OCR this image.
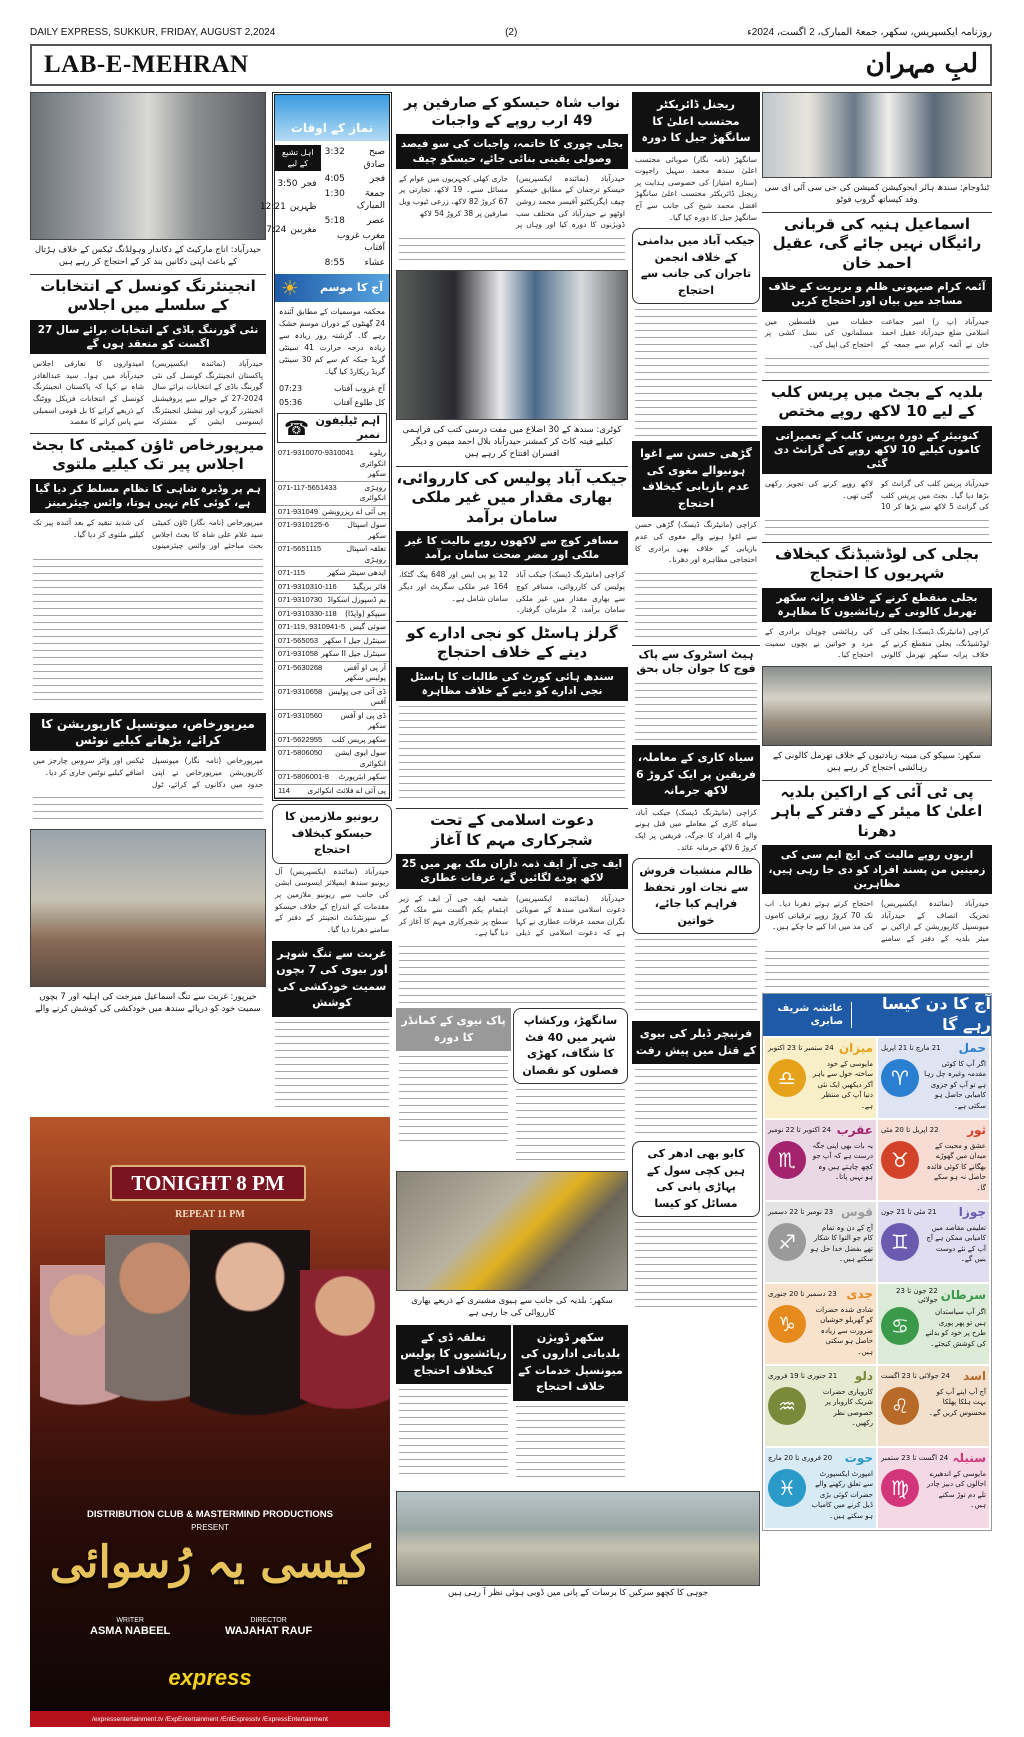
DAILY EXPRESS, SUKKUR, FRIDAY, AUGUST 2,2024	(2)	روزنامہ ایکسپریس، سکھر، جمعۃ المبارک، 2 اگست، 2024ء
LAB-E-MEHRAN	لبِ مہران
حیدرآباد: اناج مارکیٹ کے دکاندار وہولڈنگ ٹیکس کے خلاف ہڑتال کے باعث اپنی دکانیں بند کر کے احتجاج کر رہے ہیں
انجینئرنگ کونسل کے انتخابات کے سلسلے میں اجلاس
نئی گورننگ باڈی کے انتخابات برائے سال 27 اگست کو منعقد ہوں گے
حیدرآباد (نمائندہ ایکسپریس) پاکستان انجینئرنگ کونسل کی نئی گورننگ باڈی کے انتخابات برائے سال 2024-27 کے حوالے سے پروفیشنل انجینئرز گروپ اور نیشنل انجینئرنگ ایسوسی ایشن کے مشترکہ امیدواروں کا تعارفی اجلاس حیدرآباد میں ہوا۔ سید عبدالقادر شاہ نے کہا کہ پاکستان انجینئرنگ کونسل کے انتخابات فزیکل ووٹنگ کے ذریعے کرانے کا بل قومی اسمبلی سے پاس کرانے کا مقصد
میرپورخاص ٹاؤن کمیٹی کا بجٹ اجلاس پیر تک کیلیے ملتوی
ہم پر وڈیرہ شاہی کا نظام مسلط کر دیا گیا ہے، کوئی کام نہیں ہوتا، وائس چیئرمینز
میرپورخاص (نامہ نگار) ٹاؤن کمیٹی سید غلام علی شاہ کا بجٹ اجلاس بحث مباحثے اور وائس چیئرمینوں کی شدید تنقید کے بعد آئندہ پیر تک کیلیے ملتوی کر دیا گیا۔
میرپورخاص، میونسپل کارپوریشن کا کرائے، بڑھانے کیلیے نوٹس
میرپورخاص (نامہ نگار) میونسپل کارپوریشن میرپورخاص نے اپنی حدود میں دکانوں کے کرائے، ٹول ٹیکس اور واٹر سروس چارجز میں اضافے کیلیے نوٹس جاری کر دیا۔
خیرپور: غربت سے تنگ اسماعیل میرجت کی اہلیہ اور 7 بچوں سمیت خود کو دریائے سندھ میں خودکشی کی کوشش کرنے والے
نماز کے اوقات
صبح صادق
3:32
فجر
4:05
جمعۃ المبارک
1:30
عصر
5:18
مغرب غروب آفتاب
عشاء
8:55
اہل تشیع کے لیے
فجر
3:50
ظہرین
12:21
مغربین
7:24
آج کا موسم
☀
محکمہ موسمیات کے مطابق آئندہ 24 گھنٹوں کے دوران موسم خشک رہے گا۔ گزشتہ روز زیادہ سے زیادہ درجہ حرارت 41 سینٹی گریڈ جبکہ کم سے کم 30 سینٹی گریڈ ریکارڈ کیا گیا۔
آج غروب آفتاب
07:23
کل طلوع آفتاب
05:36
اہم ٹیلیفون نمبر
☎
ریلوے انکوائری سکھر
071-9310070-9310041
روہڑی انکوائری
071-117-5651433
پی آئی اے ریزرویشن
071-931049
سول اسپتال سکھر
071-9310125-6
تعلقہ اسپتال روہڑی
071-5651115
ایدھی سینٹر سکھر
071-115
فائر بریگیڈ
071-9310310-116
بم ڈسپوزل اسکواڈ
071-9310730
سیپکو (واپڈا)
071-9310330-118
سوئی گیس
071-119, 9310941-5
سینٹرل جیل I سکھر
071-565053
سینٹرل جیل II سکھر
071-931058
آر پی او آفس پولیس سکھر
071-5630268
ڈی آئی جی پولیس آفس
071-9310658
ڈی پی او آفس سکھر
071-9310560
سکھر پریس کلب
071-5622955
سول ایوی ایشن انکوائری
071-5806050
سکھر ایئرپورٹ
071-5806001-8
پی آئی اے فلائٹ انکوائری
114
ریونیو ملازمین کا حیسکو کیخلاف احتجاج
حیدرآباد (نمائندہ ایکسپریس) آل ریونیو سندھ ایمپلائز ایسوسی ایشن کی جانب سے ریونیو ملازمین پر مقدمات کے اندراج کے خلاف حیسکو کے سپرنٹنڈنٹ انجینئر کے دفتر کے سامنے دھرنا دیا گیا۔
غربت سے تنگ شوہر اور بیوی کی 7 بچوں سمیت خودکشی کی کوشش
TONIGHT 8 PM
REPEAT 11 PM
DISTRIBUTION CLUB & MASTERMIND PRODUCTIONS
PRESENT
کیسی یہ رُسوائی
WRITER
ASMA NABEEL
DIRECTOR
WAJAHAT RAUF
express
/expressentertainment.tv /ExpEntertainment /EntExpresstv /ExpressEntertainment
نواب شاہ حیسکو کے صارفین پر 49 ارب روپے کے واجبات
بجلی چوری کا خاتمہ، واجبات کی سو فیصد وصولی یقینی بنائی جائے، حیسکو چیف
حیدرآباد (نمائندہ ایکسپریس) حیسکو ترجمان کے مطابق حیسکو چیف ایگزیکٹیو آفیسر محمد روشن اوٹھو نے حیدرآباد کی مختلف سب ڈویژنوں کا دورہ کیا اور وہاں پر جاری کھلی کچہریوں میں عوام کے مسائل سنے۔ 19 لاکھ، تجارتی پر 67 کروڑ 82 لاکھ، زرعی ٹیوب ویل صارفین پر 38 کروڑ 54 لاکھ
کوٹری: سندھ کے 30 اضلاع میں مفت درسی کتب کی فراہمی کیلیے فیتہ کاٹ کر کمشنر حیدرآباد بلال احمد میمن و دیگر افسران افتتاح کر رہے ہیں
جیکب آباد پولیس کی کارروائی، بھاری مقدار میں غیر ملکی سامان برآمد
مسافر کوچ سے لاکھوں روپے مالیت کا غیر ملکی اور مضر صحت سامان برآمد
کراچی (مانیٹرنگ ڈیسک) جیکب آباد پولیس کی کارروائی، مسافر کوچ سے بھاری مقدار میں غیر ملکی سامان برآمد، 2 ملزمان گرفتار۔ 12 یو پی ایس اور 648 پیک گٹکا، 164 غیر ملکی سگریٹ اور دیگر سامان شامل ہے۔
گرلز ہاسٹل کو نجی ادارے کو دینے کے خلاف احتجاج
سندھ ہائی کورٹ کی طالبات کا ہاسٹل نجی ادارے کو دینے کے خلاف مظاہرہ
دعوت اسلامی کے تحت شجرکاری مہم کا آغاز
ایف جی آر ایف ذمہ داران ملک بھر میں 25 لاکھ پودے لگائیں گے، عرفات عطاری
حیدرآباد (نمائندہ ایکسپریس) دعوت اسلامی سندھ کے صوبائی نگران محمد عرفات عطاری نے کہا ہے کہ دعوت اسلامی کے ذیلی شعبہ ایف جی آر ایف کے زیر اہتمام یکم اگست سے ملک گیر سطح پر شجرکاری مہم کا آغاز کر دیا گیا ہے۔
سانگھڑ، ورکشاپ شہر میں 40 فٹ کا شگاف، کھڑی فصلوں کو نقصان
پاک نیوی کے کمانڈر کا دورہ
سکھر: بلدیہ کی جانب سے ہیوی مشینری کے ذریعے بھاری کارروائی کی جا رہی ہے
سکھر ڈویژن بلدیاتی اداروں کی میونسپل خدمات کے خلاف احتجاج
تعلقہ ڈی کے رہائشیوں کا پولیس کیخلاف احتجاج
ریجنل ڈائریکٹر محتسب اعلیٰ کا سانگھڑ جیل کا دورہ
سانگھڑ (نامہ نگار) صوبائی محتسب اعلیٰ سندھ محمد سہیل راجپوت (ستارہ امتیاز) کی خصوصی ہدایت پر ریجنل ڈائریکٹر محتسب اعلیٰ سانگھڑ افضل محمد شیخ کی جانب سے آج سانگھڑ جیل کا دورہ کیا گیا۔
جیکب آباد میں بدامنی کے خلاف انجمن تاجران کی جانب سے احتجاج
گڑھی حسن سے اغوا ہونیوالے مغوی کی عدم بازیابی کیخلاف احتجاج
کراچی (مانیٹرنگ ڈیسک) گڑھی حسن سے اغوا ہونے والے مغوی کی عدم بازیابی کے خلاف بھی برادری کا احتجاجی مظاہرہ اور دھرنا۔
ہیٹ اسٹروک سے پاک فوج کا جوان جاں بحق
سیاہ کاری کے معاملہ، فریقین پر ایک کروڑ 6 لاکھ جرمانہ
کراچی (مانیٹرنگ ڈیسک) جیکب آباد، سیاہ کاری کے معاملے میں قتل ہونے والے 4 افراد کا جرگہ، فریقین پر ایک کروڑ 6 لاکھ جرمانہ عائد۔
ظالم منشیات فروش سے نجات اور تحفظ فراہم کیا جائے، خواتین
فرنیچر ڈیلر کی بیوی کے قتل میں پیش رفت
کابو بھی ادھر کی ہیں کچی سول کے پہاڑی پانی کی مسائل کو کیسا
جوہی کا کچھو سرکیں کا برسات کے پانی میں ڈوبی ہوئی نظر آ رہی ہیں
ٹنڈوجام: سندھ ہائر ایجوکیشن کمیشن کی جی سی آئی ای سی وفد کیساتھ گروپ فوٹو
اسماعیل ہنیہ کی قربانی رائیگاں نہیں جائے گی، عقیل احمد خان
آئمہ کرام صیہونی ظلم و بربریت کے خلاف مساجد میں بیان اور احتجاج کریں
حیدرآباد (پ ر) امیر جماعت اسلامی ضلع حیدرآباد عقیل احمد خان نے آئمہ کرام سے جمعہ کے خطبات میں فلسطین میں مسلمانوں کی نسل کشی پر احتجاج کی اپیل کی۔
بلدیہ کے بجٹ میں پریس کلب کے لیے 10 لاکھ روپے مختص
کنونیئر کے دورہ پریس کلب کے تعمیراتی کاموں کیلیے 10 لاکھ روپے کی گرانٹ دی گئی
حیدرآباد پریس کلب کی گرانٹ کو بڑھا دیا گیا۔ بجٹ میں پریس کلب کی گرانٹ 5 لاکھ سے بڑھا کر 10 لاکھ روپے کرنے کی تجویز رکھی گئی تھی۔
بجلی کی لوڈشیڈنگ کیخلاف شہریوں کا احتجاج
بجلی منقطع کرنے کے خلاف پرانہ سکھر تھرمل کالونی کے رہائشیوں کا مظاہرہ
کراچی (مانیٹرنگ ڈیسک) بجلی کی لوڈشیڈنگ، بجلی منقطع کرنے کے خلاف پرانہ سکھر تھرمل کالونی کی رہائشی چوہان برادری کے مرد و خواتین نے بچوں سمیت احتجاج کیا۔
سکھر: سیپکو کی مبینہ زیادتیوں کے خلاف تھرمل کالونی کے رہائشی احتجاج کر رہے ہیں
پی ٹی آئی کے اراکین بلدیہ اعلیٰ کا میئر کے دفتر کے باہر دھرنا
اربوں روپے مالیت کی ایچ ایم سی کی زمینیں من پسند افراد کو دی جا رہی ہیں، مظاہرین
حیدرآباد (نمائندہ ایکسپریس) تحریک انصاف کے حیدرآباد میونسپل کارپوریشن کے اراکین نے میئر بلدیہ کے دفتر کے سامنے احتجاج کرتے ہوئے دھرنا دیا۔ اب تک 70 کروڑ روپے ترقیاتی کاموں کی مد میں ادا کیے جا چکے ہیں۔
آج کا دن کیسا رہے گا
عائشہ شریف صابری
حمل
21 مارچ تا 21 اپریل
اگر آپ کا کوئی مقدمہ وغیرہ چل رہا ہے تو آپ کو جزوی کامیابی حاصل ہو سکتی ہے۔
♈
میزان
24 ستمبر تا 23 اکتوبر
مایوسی کے خود ساختہ خول سے باہر آکر دیکھیں ایک نئی دنیا آپ کی منتظر ہے۔
♎
ثور
22 اپریل تا 20 مئی
عشق و محبت کے میدان میں گھوڑے بھگانے کا کوئی فائدہ حاصل نہ ہو سکے گا۔
♉
عقرب
24 اکتوبر تا 22 نومبر
یہ بات بھی اپنی جگہ درست ہے کہ آپ جو کچھ چاہتے ہیں وہ ہو نہیں پاتا۔
♏
جوزا
21 مئی تا 21 جون
تعلیمی مقاصد میں کامیابی ممکن ہے آج آپ کے نئے دوست بنیں گے۔
♊
قوس
23 نومبر تا 22 دسمبر
آج کے دن وہ تمام کام جو التوا کا شکار تھے بفضل خدا حل ہو سکتے ہیں۔
♐
سرطان
22 جون تا 23 جولائی
اگر آپ سیاستدان ہیں تو پھر پوری طرح پر خود کو بدلنے کی کوشش کیجئے۔
♋
جدی
23 دسمبر تا 20 جنوری
شادی شدہ حضرات کو گھریلو خوشیاں ضرورت سے زیادہ حاصل ہو سکتی ہیں۔
♑
اسد
24 جولائی تا 23 اگست
آج آپ اپنے آپ کو بہت ہلکا پھلکا محسوس کریں گے۔
♌
دلو
21 جنوری تا 19 فروری
کاروباری حضرات شریک کاروبار پر خصوصی نظر رکھیں۔
♒
سنبلہ
24 اگست تا 23 ستمبر
مایوسی کے اندھیرے اجالوں کی دبیز چادر تلے دم توڑ سکتے ہیں۔
♍
حوت
20 فروری تا 20 مارچ
امپورٹ ایکسپورٹ سے تعلق رکھنے والے حضرات کوئی بڑی ڈیل کرنے میں کامیاب ہو سکتے ہیں۔
♓
